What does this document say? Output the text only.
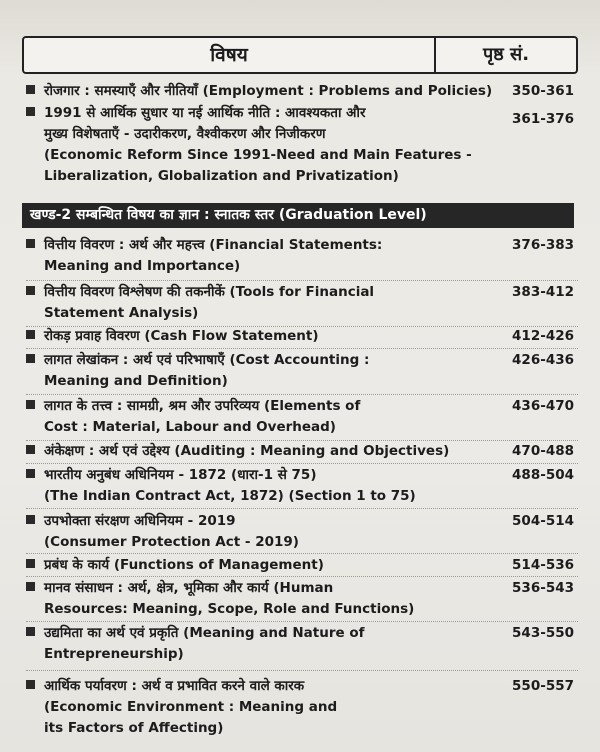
विषय	पृष्ठ सं.
रोजगार : समस्याएँ और नीतियाँ (Employment : Problems and Policies)	350-361
1991 से आर्थिक सुधार या नई आर्थिक नीति : आवश्यकता और
मुख्य विशेषताएँ - उदारीकरण, वैश्वीकरण और निजीकरण
(Economic Reform Since 1991-Need and Main Features -
Liberalization, Globalization and Privatization)
361-376
खण्ड-2 सम्बन्धित विषय का ज्ञान : स्नातक स्तर (Graduation Level)
वित्तीय विवरण : अर्थ और महत्त्व (Financial Statements:
Meaning and Importance)
376-383
वित्तीय विवरण विश्लेषण की तकनीकें (Tools for Financial
Statement Analysis)
383-412
रोकड़ प्रवाह विवरण (Cash Flow Statement)	412-426
लागत लेखांकन : अर्थ एवं परिभाषाएँ (Cost Accounting :
Meaning and Definition)
426-436
लागत के तत्त्व : सामग्री, श्रम और उपरिव्यय (Elements of
Cost : Material, Labour and Overhead)
436-470
अंकेक्षण : अर्थ एवं उद्देश्य (Auditing : Meaning and Objectives)	470-488
भारतीय अनुबंध अधिनियम - 1872 (धारा-1 से 75)
(The Indian Contract Act, 1872) (Section 1 to 75)
488-504
उपभोक्ता संरक्षण अधिनियम - 2019
(Consumer Protection Act - 2019)
504-514
प्रबंध के कार्य (Functions of Management)	514-536
मानव संसाधन : अर्थ, क्षेत्र, भूमिका और कार्य (Human
Resources: Meaning, Scope, Role and Functions)
536-543
उद्यमिता का अर्थ एवं प्रकृति (Meaning and Nature of
Entrepreneurship)
543-550
आर्थिक पर्यावरण : अर्थ व प्रभावित करने वाले कारक
(Economic Environment : Meaning and
its Factors of Affecting)
550-557
